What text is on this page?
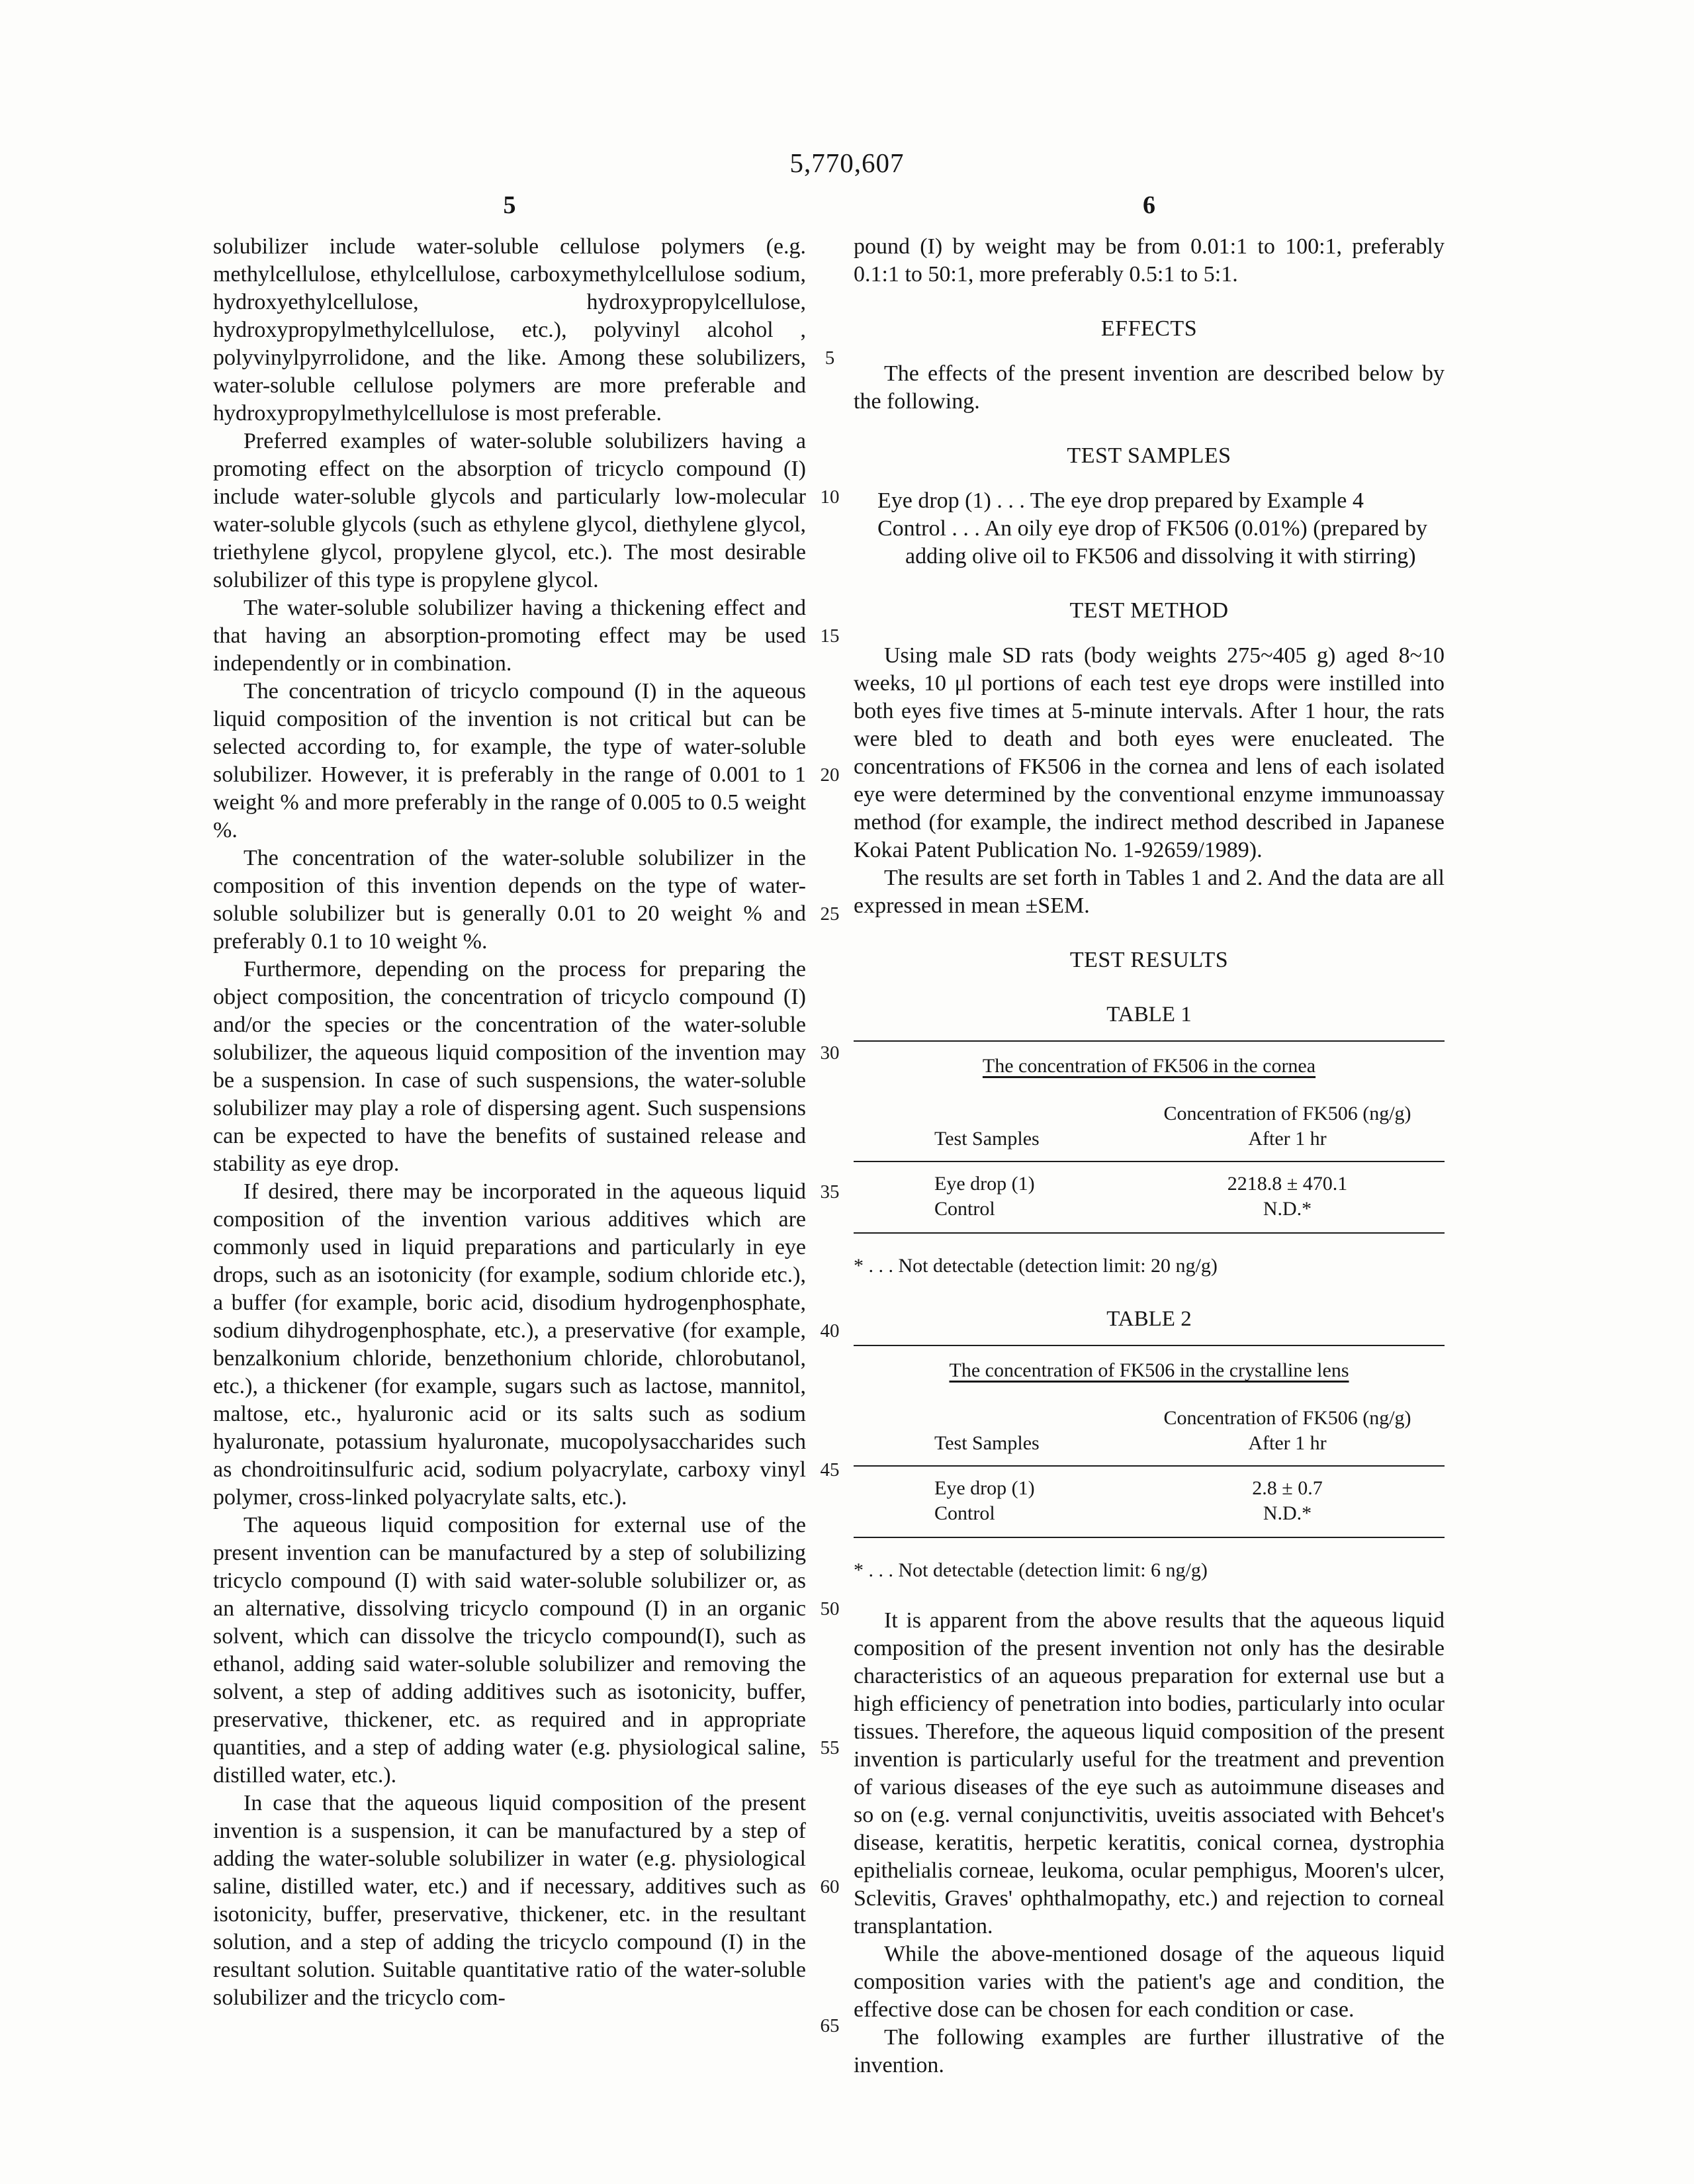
5,770,607
5	6
5
10
15
20
25
30
35
40
45
50
55
60
65

solubilizer include water-soluble cellulose polymers (e.g. methylcellulose, ethylcellulose, carboxymethylcellulose sodium, hydroxyethylcellulose, hydroxypropylcellulose, hydroxypropylmethylcellulose, etc.), polyvinyl alcohol , polyvinylpyrrolidone, and the like. Among these solubilizers, water-soluble cellulose polymers are more preferable and hydroxypropylmethylcellulose is most preferable.

Preferred examples of water-soluble solubilizers having a promoting effect on the absorption of tricyclo compound (I) include water-soluble glycols and particularly low-molecular water-soluble glycols (such as ethylene glycol, diethylene glycol, triethylene glycol, propylene glycol, etc.). The most desirable solubilizer of this type is propylene glycol.

The water-soluble solubilizer having a thickening effect and that having an absorption-promoting effect may be used independently or in combination.

The concentration of tricyclo compound (I) in the aqueous liquid composition of the invention is not critical but can be selected according to, for example, the type of water-soluble solubilizer. However, it is preferably in the range of 0.001 to 1 weight % and more preferably in the range of 0.005 to 0.5 weight %.

The concentration of the water-soluble solubilizer in the composition of this invention depends on the type of water-soluble solubilizer but is generally 0.01 to 20 weight % and preferably 0.1 to 10 weight %.

Furthermore, depending on the process for preparing the object composition, the concentration of tricyclo compound (I) and/or the species or the concentration of the water-soluble solubilizer, the aqueous liquid composition of the invention may be a suspension. In case of such suspensions, the water-soluble solubilizer may play a role of dispersing agent. Such suspensions can be expected to have the benefits of sustained release and stability as eye drop.

If desired, there may be incorporated in the aqueous liquid composition of the invention various additives which are commonly used in liquid preparations and particularly in eye drops, such as an isotonicity (for example, sodium chloride etc.), a buffer (for example, boric acid, disodium hydrogenphosphate, sodium dihydrogenphosphate, etc.), a preservative (for example, benzalkonium chloride, benzethonium chloride, chlorobutanol, etc.), a thickener (for example, sugars such as lactose, mannitol, maltose, etc., hyaluronic acid or its salts such as sodium hyaluronate, potassium hyaluronate, mucopolysaccharides such as chondroitinsulfuric acid, sodium polyacrylate, carboxy vinyl polymer, cross-linked polyacrylate salts, etc.).

The aqueous liquid composition for external use of the present invention can be manufactured by a step of solubilizing tricyclo compound (I) with said water-soluble solubilizer or, as an alternative, dissolving tricyclo compound (I) in an organic solvent, which can dissolve the tricyclo compound(I), such as ethanol, adding said water-soluble solubilizer and removing the solvent, a step of adding additives such as isotonicity, buffer, preservative, thickener, etc. as required and in appropriate quantities, and a step of adding water (e.g. physiological saline, distilled water, etc.).

In case that the aqueous liquid composition of the present invention is a suspension, it can be manufactured by a step of adding the water-soluble solubilizer in water (e.g. physiological saline, distilled water, etc.) and if necessary, additives such as isotonicity, buffer, preservative, thickener, etc. in the resultant solution, and a step of adding the tricyclo compound (I) in the resultant solution. Suitable quantitative ratio of the water-soluble solubilizer and the tricyclo com-

pound (I) by weight may be from 0.01:1 to 100:1, preferably 0.1:1 to 50:1, more preferably 0.5:1 to 5:1.

EFFECTS

The effects of the present invention are described below by the following.

TEST SAMPLES

Eye drop (1) . . . The eye drop prepared by Example 4

Control . . . An oily eye drop of FK506 (0.01%) (prepared by adding olive oil to FK506 and dissolving it with stirring)

TEST METHOD

Using male SD rats (body weights 275~405 g) aged 8~10 weeks, 10 μl portions of each test eye drops were instilled into both eyes five times at 5-minute intervals. After 1 hour, the rats were bled to death and both eyes were enucleated. The concentrations of FK506 in the cornea and lens of each isolated eye were determined by the conventional enzyme immunoassay method (for example, the indirect method described in Japanese Kokai Patent Publication No. 1-92659/1989).

The results are set forth in Tables 1 and 2. And the data are all expressed in mean ±SEM.

TEST RESULTS
TABLE 1
The concentration of FK506 in the cornea
Test Samples
Concentration of FK506 (ng/g)
After 1 hr
Eye drop (1)	2218.8 ± 470.1
Control	N.D.*
* . . . Not detectable (detection limit: 20 ng/g)
TABLE 2
The concentration of FK506 in the crystalline lens
Test Samples
Concentration of FK506 (ng/g)
After 1 hr
Eye drop (1)	2.8 ± 0.7
Control	N.D.*
* . . . Not detectable (detection limit: 6 ng/g)

It is apparent from the above results that the aqueous liquid composition of the present invention not only has the desirable characteristics of an aqueous preparation for external use but a high efficiency of penetration into bodies, particularly into ocular tissues. Therefore, the aqueous liquid composition of the present invention is particularly useful for the treatment and prevention of various diseases of the eye such as autoimmune diseases and so on (e.g. vernal conjunctivitis, uveitis associated with Behcet's disease, keratitis, herpetic keratitis, conical cornea, dystrophia epithelialis corneae, leukoma, ocular pemphigus, Mooren's ulcer, Sclevitis, Graves' ophthalmopathy, etc.) and rejection to corneal transplantation.

While the above-mentioned dosage of the aqueous liquid composition varies with the patient's age and condition, the effective dose can be chosen for each condition or case.

The following examples are further illustrative of the invention.
